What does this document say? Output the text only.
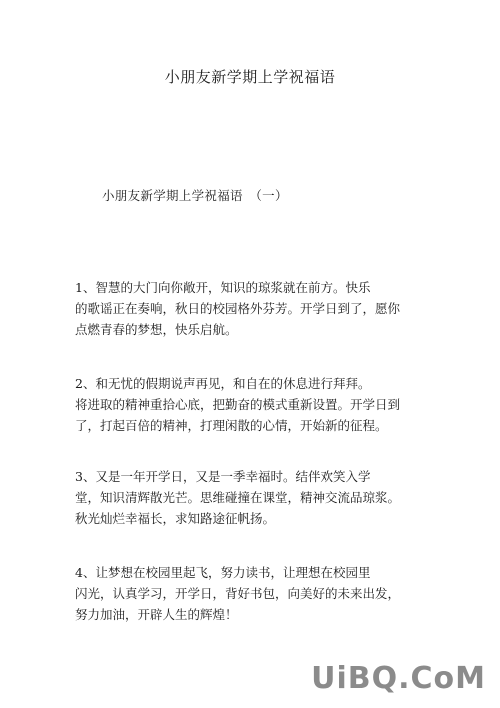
小朋友新学期上学祝福语
小朋友新学期上学祝福语　（一）
1、智慧的大门向你敞开，知识的琼浆就在前方。快乐
的歌谣正在奏响，秋日的校园格外芬芳。开学日到了，愿你
点燃青春的梦想，快乐启航。
2、和无忧的假期说声再见，和自在的休息进行拜拜。
将进取的精神重拾心底，把勤奋的模式重新设置。开学日到
了，打起百倍的精神，打理闲散的心情，开始新的征程。
3、又是一年开学日，又是一季幸福时。结伴欢笑入学
堂，知识清辉散光芒。思维碰撞在课堂，精神交流品琼浆。
秋光灿烂幸福长，求知路途征帆扬。
4、让梦想在校园里起飞，努力读书，让理想在校园里
闪光，认真学习，开学日，背好书包，向美好的未来出发，
努力加油，开辟人生的辉煌！
UiBQ.CoM
